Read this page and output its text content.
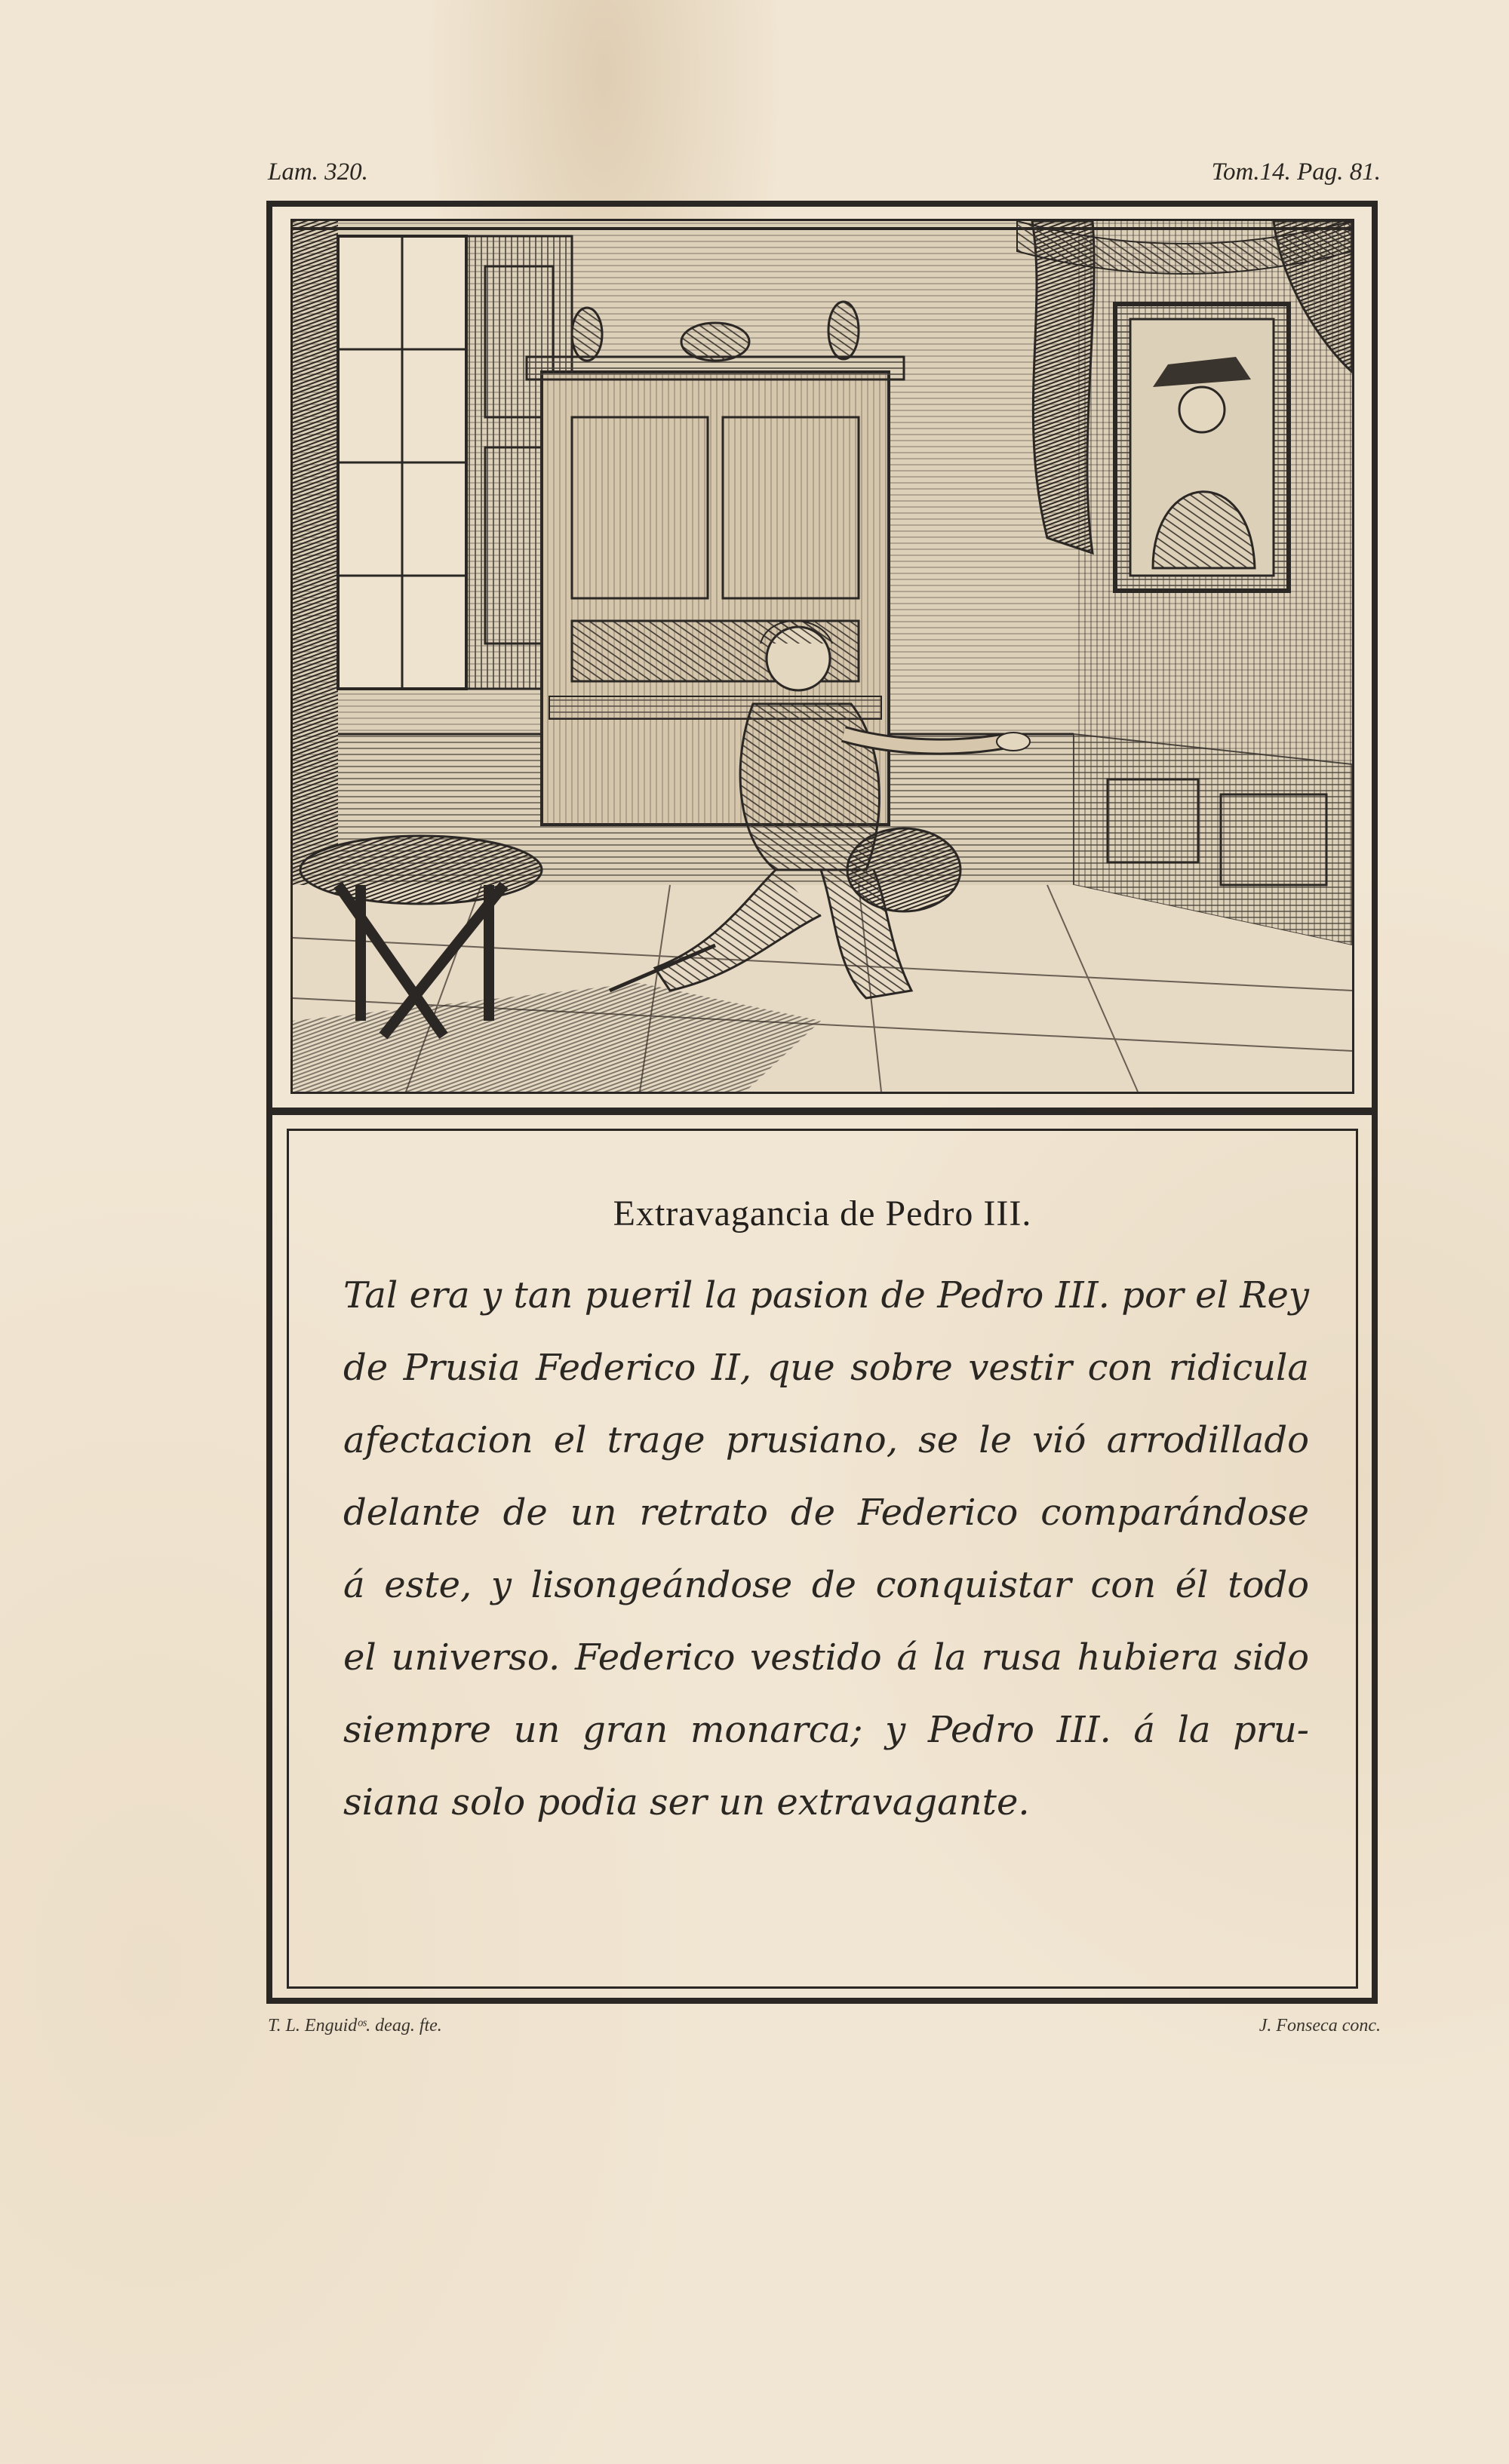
Lam. 320.	Tom.14. Pag. 81.
Extravagancia de Pedro III.
Tal era y tan pueril la pasion de Pedro III. por el Rey
de Prusia Federico II, que sobre vestir con ridicula
afectacion el trage prusiano, se le vió arrodillado
delante de un retrato de Federico comparándose
á este, y lisongeándose de conquistar con él todo
el universo. Federico vestido á la rusa hubiera sido
siempre un gran monarca; y Pedro III. á la pru-
siana solo podia ser un extravagante.
T. L. Enguidᵒˢ. deag. fte.	J. Fonseca conc.
